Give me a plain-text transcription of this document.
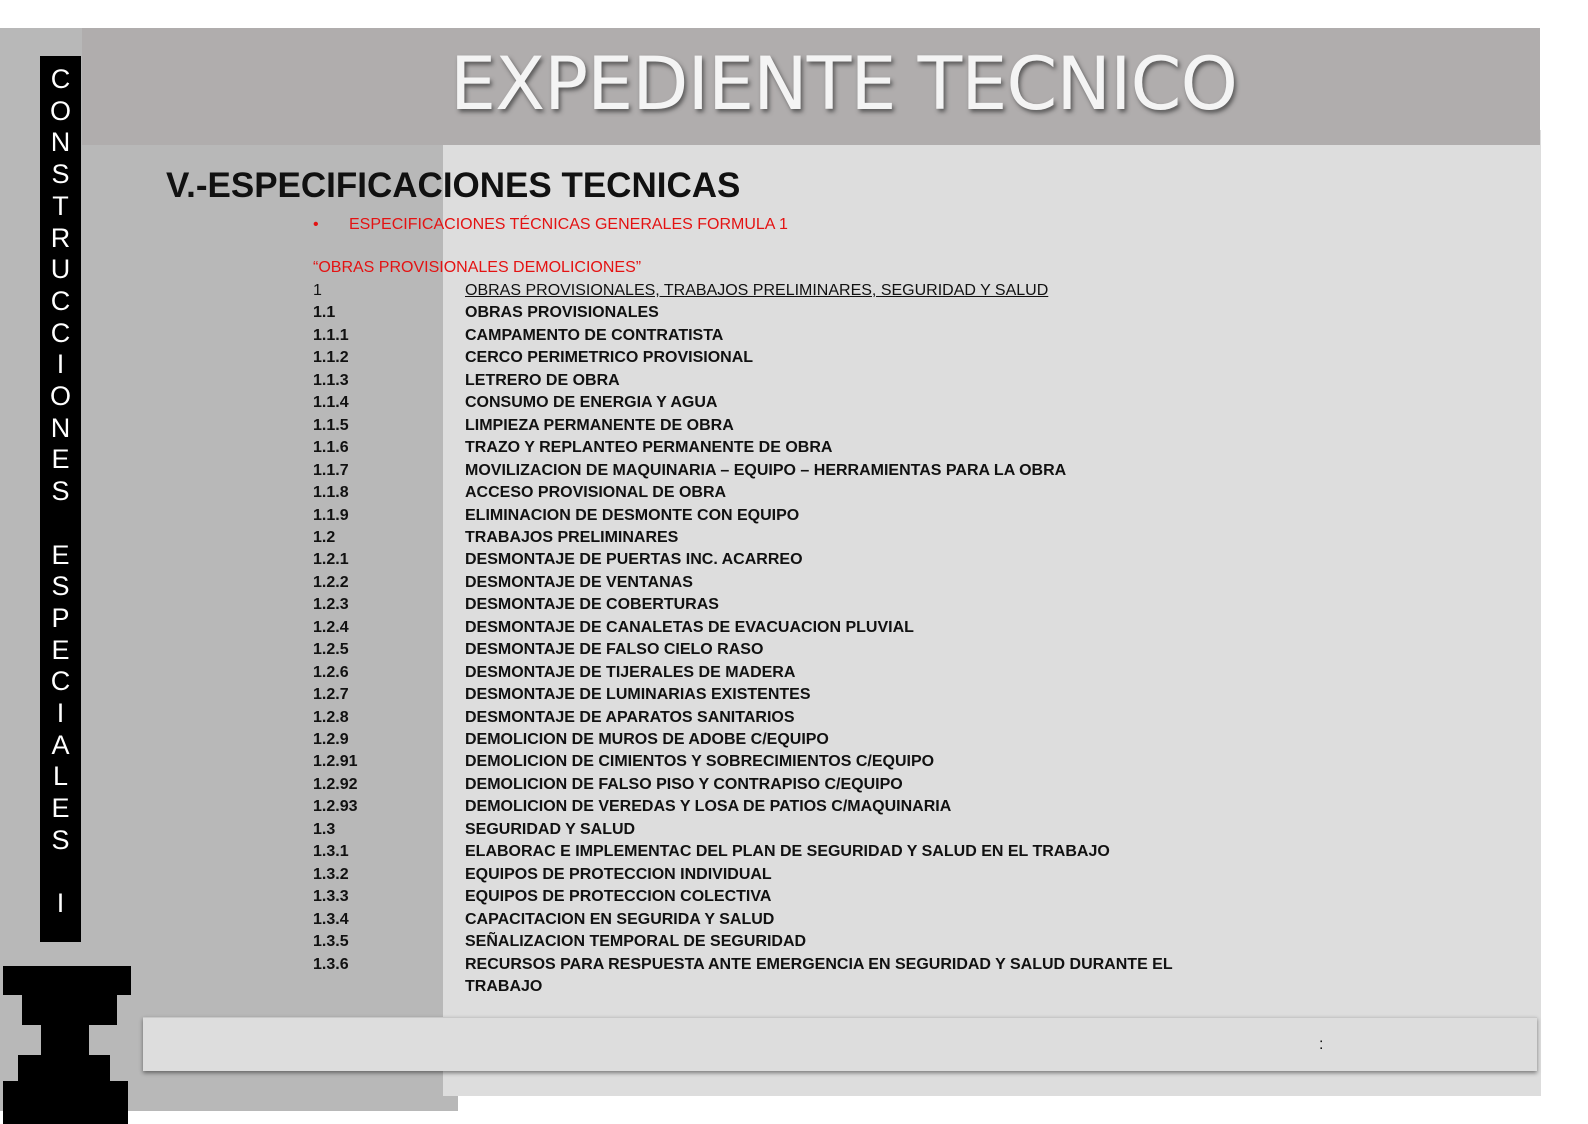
EXPEDIENTE TECNICO
C
O
N
S
T
R
U
C
C
I
O
N
E
S
E
S
P
E
C
I
A
L
E
S
I
V.-ESPECIFICACIONES TECNICAS
• ESPECIFICACIONES TÉCNICAS GENERALES FORMULA 1
“OBRAS PROVISIONALES DEMOLICIONES”
1	OBRAS PROVISIONALES, TRABAJOS PRELIMINARES, SEGURIDAD Y SALUD
1.1	OBRAS PROVISIONALES
1.1.1	CAMPAMENTO DE CONTRATISTA
1.1.2	CERCO PERIMETRICO PROVISIONAL
1.1.3	LETRERO DE OBRA
1.1.4	CONSUMO DE ENERGIA Y AGUA
1.1.5	LIMPIEZA PERMANENTE DE OBRA
1.1.6	TRAZO Y REPLANTEO PERMANENTE DE OBRA
1.1.7	MOVILIZACION DE MAQUINARIA – EQUIPO – HERRAMIENTAS PARA LA OBRA
1.1.8	ACCESO PROVISIONAL DE OBRA
1.1.9	ELIMINACION DE DESMONTE CON EQUIPO
1.2	TRABAJOS PRELIMINARES
1.2.1	DESMONTAJE DE PUERTAS INC. ACARREO
1.2.2	DESMONTAJE DE VENTANAS
1.2.3	DESMONTAJE DE COBERTURAS
1.2.4	DESMONTAJE DE CANALETAS DE EVACUACION PLUVIAL
1.2.5	DESMONTAJE DE FALSO CIELO RASO
1.2.6	DESMONTAJE DE TIJERALES DE MADERA
1.2.7	DESMONTAJE DE LUMINARIAS EXISTENTES
1.2.8	DESMONTAJE DE APARATOS SANITARIOS
1.2.9	DEMOLICION DE MUROS DE ADOBE C/EQUIPO
1.2.91	DEMOLICION DE CIMIENTOS Y SOBRECIMIENTOS C/EQUIPO
1.2.92	DEMOLICION DE FALSO PISO Y CONTRAPISO C/EQUIPO
1.2.93	DEMOLICION DE VEREDAS Y LOSA DE PATIOS C/MAQUINARIA
1.3	SEGURIDAD Y SALUD
1.3.1	ELABORAC E IMPLEMENTAC DEL PLAN DE SEGURIDAD Y SALUD EN EL TRABAJO
1.3.2	EQUIPOS DE PROTECCION INDIVIDUAL
1.3.3	EQUIPOS DE PROTECCION COLECTIVA
1.3.4	CAPACITACION EN SEGURIDA Y SALUD
1.3.5	SEÑALIZACION TEMPORAL DE SEGURIDAD
1.3.6	RECURSOS PARA RESPUESTA ANTE EMERGENCIA EN SEGURIDAD Y SALUD DURANTE EL
TRABAJO
:
